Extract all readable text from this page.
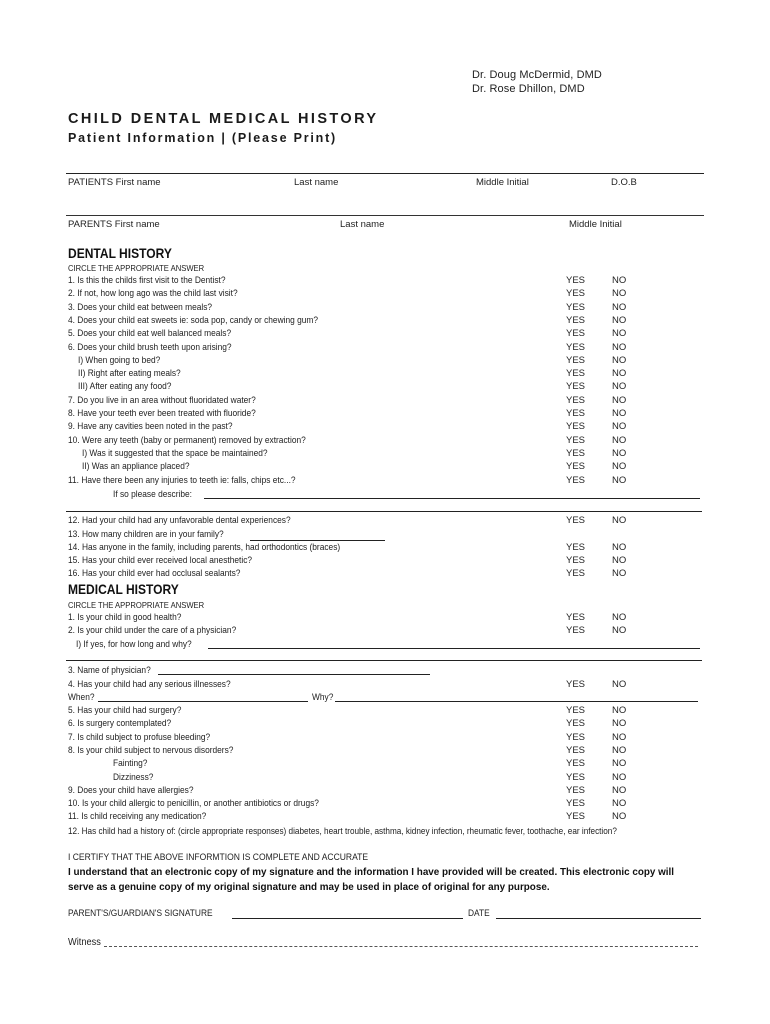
Dr. Doug McDermid, DMD
Dr. Rose Dhillon, DMD
CHILD DENTAL MEDICAL HISTORY
Patient Information | (Please Print)
PATIENTS First name	Last name	Middle Initial	D.O.B
PARENTS First name	Last name	Middle Initial
DENTAL HISTORY
CIRCLE THE APPROPRIATE ANSWER
1. Is this the childs first visit to the Dentist?	YES	NO
2. If not, how long ago was the child last visit?	YES	NO
3. Does your child eat between meals?	YES	NO
4. Does your child eat sweets ie: soda pop, candy or chewing gum?	YES	NO
5. Does your child eat well balanced meals?	YES	NO
6. Does your child brush teeth upon arising?	YES	NO
I) When going to bed?	YES	NO
II) Right after eating meals?	YES	NO
III) After eating any food?	YES	NO
7. Do you live in an area without fluoridated water?	YES	NO
8. Have your teeth ever been treated with fluoride?	YES	NO
9. Have any cavities been noted in the past?	YES	NO
10. Were any teeth (baby or permanent) removed by extraction?	YES	NO
I) Was it suggested that the space be maintained?	YES	NO
II) Was an appliance placed?	YES	NO
11. Have there been any injuries to teeth ie: falls, chips etc...?	YES	NO
If so please describe:
12. Had your child had any unfavorable dental experiences?	YES	NO
13. How many children are in your family?
14. Has anyone in the family, including parents, had orthodontics (braces)	YES	NO
15. Has your child ever received local anesthetic?	YES	NO
16. Has your child ever had occlusal sealants?	YES	NO
MEDICAL HISTORY
CIRCLE THE APPROPRIATE ANSWER
1. Is your child in good health?	YES	NO
2. Is your child under the care of a physician?	YES	NO
I) If yes, for how long and why?
3. Name of physician?
4. Has your child had any serious illnesses?	YES	NO
When?	Why?
5. Has your child had surgery?	YES	NO
6. Is surgery contemplated?	YES	NO
7. Is child subject to profuse bleeding?	YES	NO
8. Is your child subject to nervous disorders?	YES	NO
Fainting?	YES	NO
Dizziness?	YES	NO
9. Does your child have allergies?	YES	NO
10. Is your child allergic to penicillin, or another antibiotics or drugs?	YES	NO
11. Is child receiving any medication?	YES	NO
12. Has child had a history of: (circle appropriate responses) diabetes, heart trouble, asthma, kidney infection, rheumatic fever, toothache, ear infection?
I CERTIFY THAT THE ABOVE INFORMTION IS COMPLETE AND ACCURATE
I understand that an electronic copy of my signature and the information I have provided will be created. This electronic copy will
serve as a genuine copy of my original signature and may be used in place of original for any purpose.
PARENT'S/GUARDIAN'S SIGNATURE	DATE
Witness
